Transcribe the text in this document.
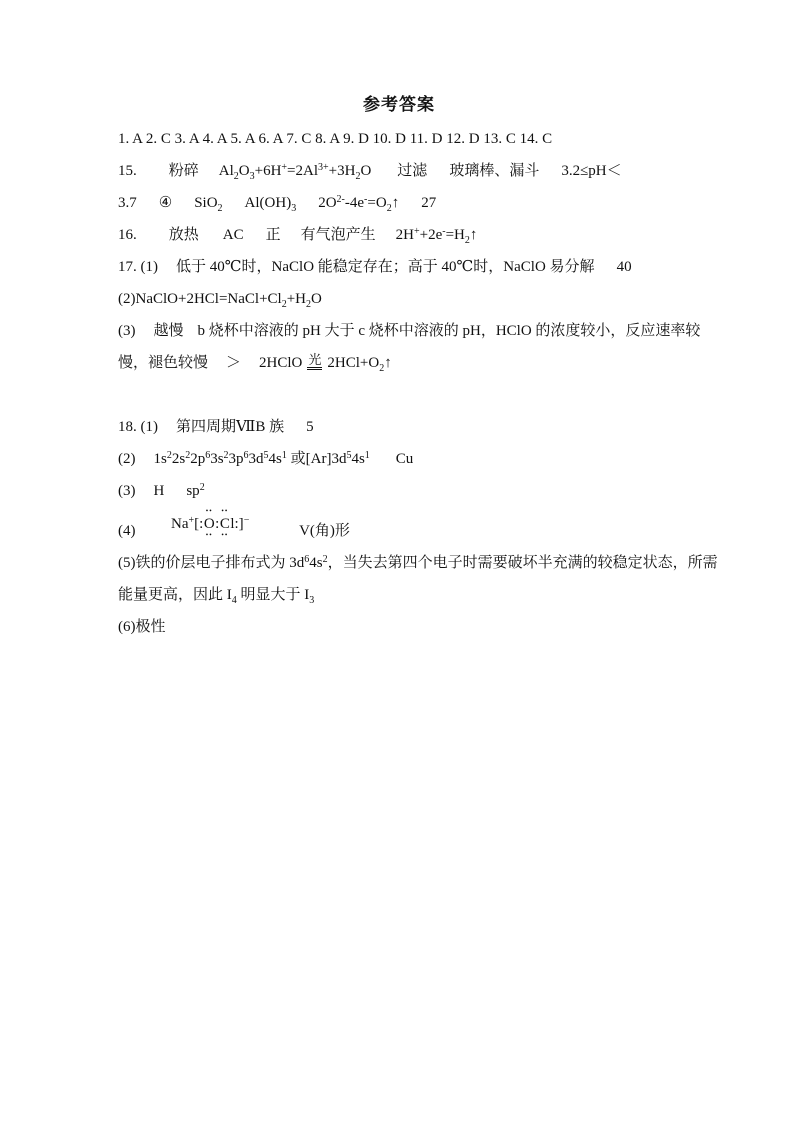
参考答案

1. A 2. C 3. A 4. A 5. A 6. A 7. C 8. A 9. D 10. D 11. D 12. D 13. C 14. C

15. 粉碎 $Al_2O_3+6H^+=2Al^{3+}+3H_2O$ 过滤 玻璃棒、漏斗 3.2≤pH＜

3.7 ④ SiO$_2$ $Al(OH)_3$ $2O^{2-}-4e^-=O_2↑$ 27

16. 放热 AC 正 有气泡产生 $2H^++2e^-=H_2↑$

17. (1) 低于 40℃时，NaClO 能稳定存在；高于 40℃时，NaClO 易分解 40

$(2)NaClO+2HCl=NaCl+Cl_2+H_2O$

(3) 越慢 b 烧杯中溶液的 pH 大于 c 烧杯中溶液的 pH，HClO 的浓度较小，反应速率较

慢，褪色较慢 ＞ 2HClO 光 $2HCl+O_2↑$

18. (1) 第四周期ⅦB 族 5

(2) $1s^22s^22p^63s^23p^63d^54s^1$ 或$[Ar]3d^54s^1$ Cu

(3) H $sp^2$

(4) Na+[:
••
O
••
:
••
C
••
l:]− V(角)形

(5)铁的价层电子排布式为 $3d^64s^2$，当失去第四个电子时需要破坏半充满的较稳定状态，所需

能量更高，因此 $I_4$ 明显大于 $I_3$

(6)极性
